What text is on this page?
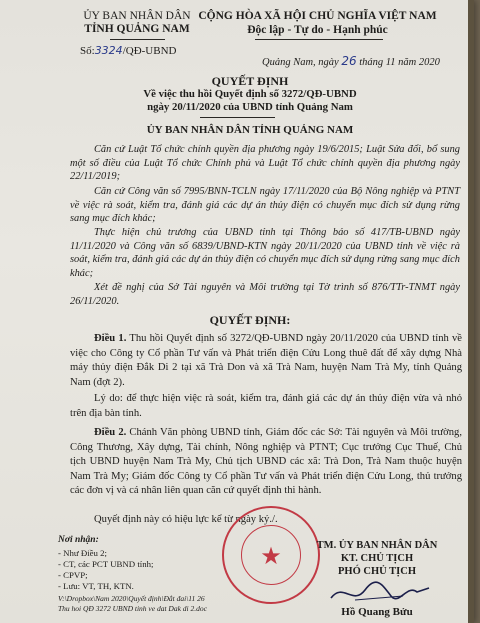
ỦY BAN NHÂN DÂN
TỈNH QUẢNG NAM
Số:3324/QĐ-UBND
CỘNG HÒA XÃ HỘI CHỦ NGHĨA VIỆT NAM
Độc lập - Tự do - Hạnh phúc
Quảng Nam, ngày 26 tháng 11 năm 2020
QUYẾT ĐỊNH
Về việc thu hồi Quyết định số 3272/QĐ-UBND
ngày 20/11/2020 của UBND tỉnh Quảng Nam
ỦY BAN NHÂN DÂN TỈNH QUẢNG NAM
Căn cứ Luật Tổ chức chính quyền địa phương ngày 19/6/2015; Luật Sửa đổi, bổ sung một số điều của Luật Tổ chức Chính phủ và Luật Tổ chức chính quyền địa phương ngày 22/11/2019;
Căn cứ Công văn số 7995/BNN-TCLN ngày 17/11/2020 của Bộ Nông nghiệp và PTNT về việc rà soát, kiểm tra, đánh giá các dự án thủy điện có chuyển mục đích sử dụng rừng sang mục đích khác;
Thực hiện chủ trương của UBND tỉnh tại Thông báo số 417/TB-UBND ngày 11/11/2020 và Công văn số 6839/UBND-KTN ngày 20/11/2020 của UBND tỉnh về việc rà soát, kiểm tra, đánh giá các dự án thủy điện có chuyển mục đích sử dụng rừng sang mục đích khác;
Xét đề nghị của Sở Tài nguyên và Môi trường tại Tờ trình số 876/TTr-TNMT ngày 26/11/2020.
QUYẾT ĐỊNH:
Điều 1. Thu hồi Quyết định số 3272/QĐ-UBND ngày 20/11/2020 của UBND tỉnh về việc cho Công ty Cổ phần Tư vấn và Phát triển điện Cửu Long thuê đất để xây dựng Nhà máy thủy điện Đắk Di 2 tại xã Trà Don và xã Trà Nam, huyện Nam Trà My, tỉnh Quảng Nam (đợt 2).
Lý do: để thực hiện việc rà soát, kiểm tra, đánh giá các dự án thủy điện vừa và nhỏ trên địa bàn tỉnh.
Điều 2. Chánh Văn phòng UBND tỉnh, Giám đốc các Sở: Tài nguyên và Môi trường, Công Thương, Xây dựng, Tài chính, Nông nghiệp và PTNT; Cục trưởng Cục Thuế, Chủ tịch UBND huyện Nam Trà My, Chủ tịch UBND các xã: Trà Don, Trà Nam thuộc huyện Nam Trà My; Giám đốc Công ty Cổ phần Tư vấn và Phát triển điện Cửu Long, thủ trưởng các đơn vị và cá nhân liên quan căn cứ quyết định thi hành.
Quyết định này có hiệu lực kể từ ngày ký./.
Nơi nhận:
- Như Điều 2;
- CT, các PCT UBND tỉnh;
- CPVP;
- Lưu: VT, TH, KTN.
V:\Dropbox\Nam 2020\Quyết định\Đắt đai\11 26
Thu hoi QĐ 3272 UBND tinh ve dat Dak di 2.doc
★	TM. ỦY BAN NHÂN DÂN
KT. CHỦ TỊCH
PHÓ CHỦ TỊCH
Hồ Quang Bửu
